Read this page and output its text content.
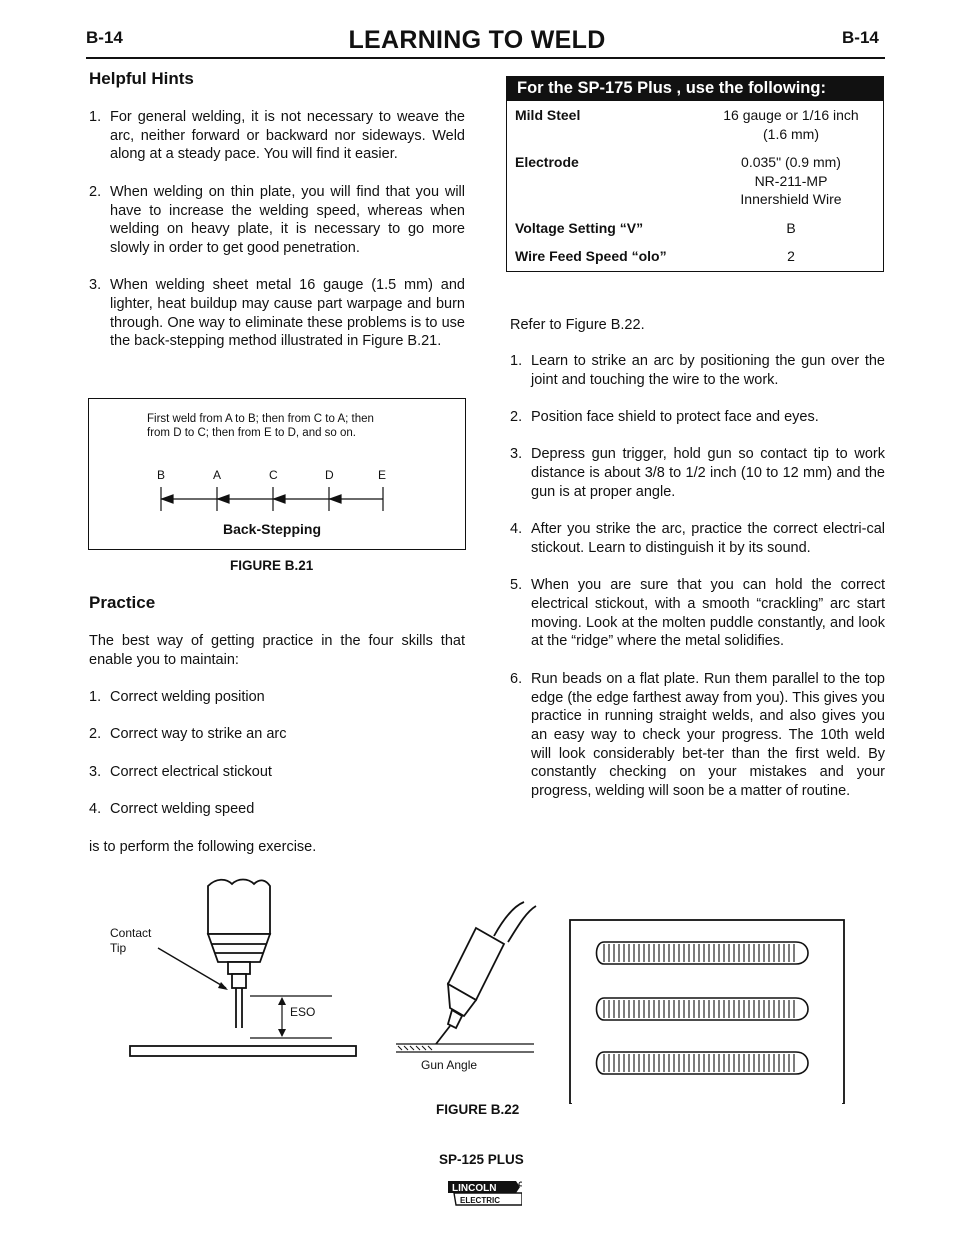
B-14	LEARNING TO WELD	B-14
Helpful Hints
1. For general welding, it is not necessary to weave the arc, neither forward or backward nor sideways. Weld along at a steady pace. You will find it easier.
2. When welding on thin plate, you will find that you will have to increase the welding speed, whereas when welding on heavy plate, it is necessary to go more slowly in order to get good penetration.
3. When welding sheet metal 16 gauge (1.5 mm) and lighter, heat buildup may cause part warpage and burn through. One way to eliminate these problems is to use the back-stepping method illustrated in Figure B.21.
First weld from A to B; then from C to A; then
from D to C; then from E to D, and so on.
B	A	C	D	E
Back-Stepping
FIGURE B.21
Practice
The best way of getting practice in the four skills that enable you to maintain:
1. Correct welding position
2. Correct way to strike an arc
3. Correct electrical stickout
4. Correct welding speed
is to perform the following exercise.
For the SP-175 Plus , use the following:
Mild Steel	16 gauge or 1/16 inch
(1.6 mm)
Electrode	0.035" (0.9 mm)
NR-211-MP
Innershield Wire
Voltage Setting “V”	B
Wire Feed Speed “olo”	2
Refer to Figure B.22.
1. Learn to strike an arc by positioning the gun over the joint and touching the wire to the work.
2. Position face shield to protect face and eyes.
3. Depress gun trigger, hold gun so contact tip to work distance is about 3/8 to 1/2 inch (10 to 12 mm) and the gun is at proper angle.
4. After you strike the arc, practice the correct electri-cal stickout. Learn to distinguish it by its sound.
5. When you are sure that you can hold the correct electrical stickout, with a smooth “crackling” arc start moving. Look at the molten puddle constantly, and look at the “ridge” where the metal solidifies.
6. Run beads on a flat plate. Run them parallel to the top edge (the edge farthest away from you). This gives you practice in running straight welds, and also gives you an easy way to check your progress. The 10th weld will look considerably bet-ter than the first weld. By constantly checking on your mistakes and your progress, welding will soon be a matter of routine.
Contact
Tip
ESO
Gun Angle
FIGURE B.22
SP-125 PLUS
LINCOLN
ELECTRIC
